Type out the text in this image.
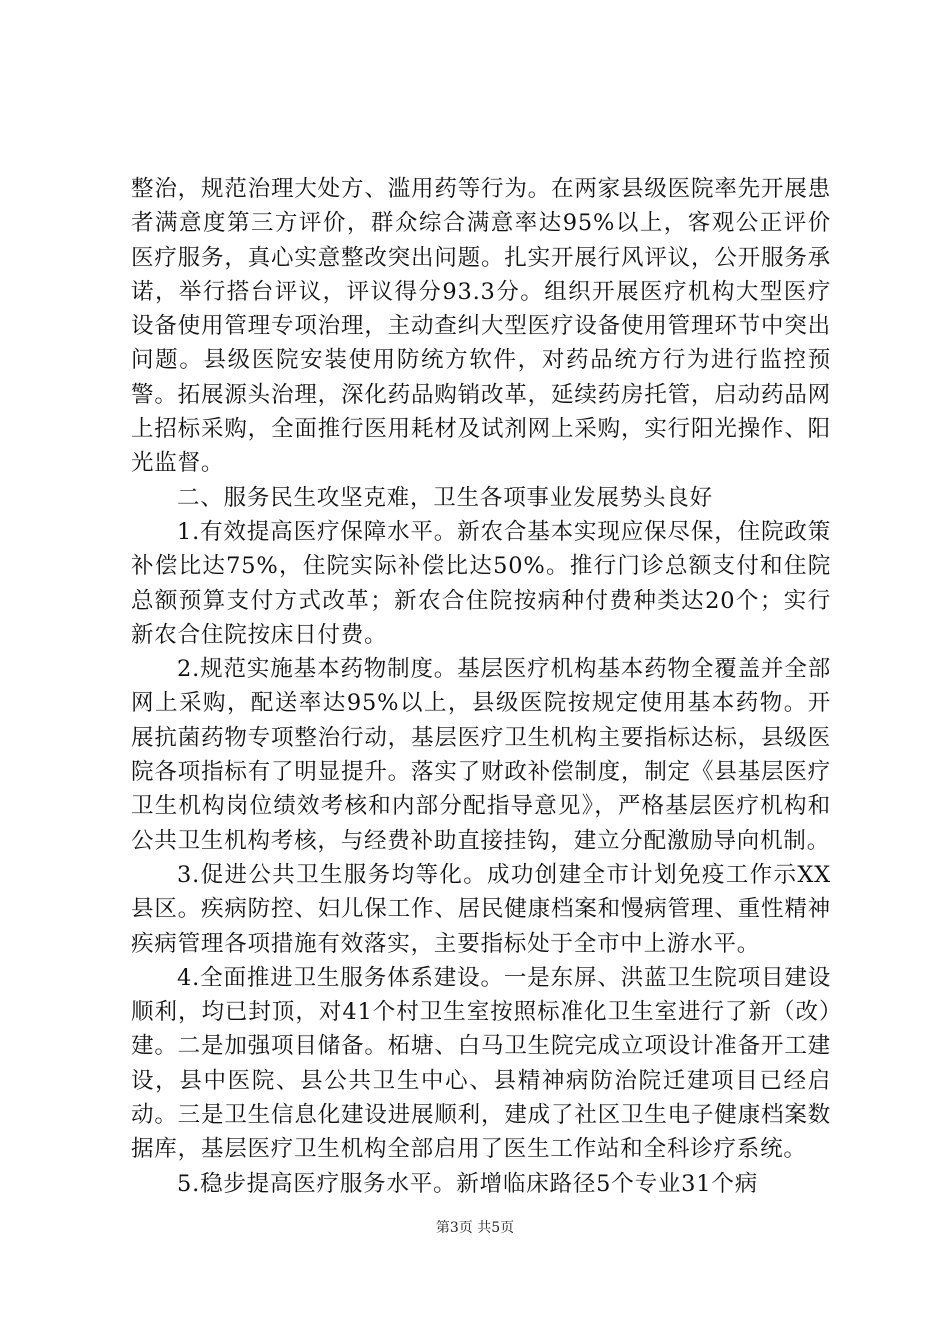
整治，规范治理大处方、滥用药等行为。在两家县级医院率先开展患者满意度第三方评价，群众综合满意率达95%以上，客观公正评价医疗服务，真心实意整改突出问题。扎实开展行风评议，公开服务承诺，举行搭台评议，评议得分93.3分。组织开展医疗机构大型医疗设备使用管理专项治理，主动查纠大型医疗设备使用管理环节中突出问题。县级医院安装使用防统方软件，对药品统方行为进行监控预警。拓展源头治理，深化药品购销改革，延续药房托管，启动药品网上招标采购，全面推行医用耗材及试剂网上采购，实行阳光操作、阳光监督。

二、服务民生攻坚克难，卫生各项事业发展势头良好

1.有效提高医疗保障水平。新农合基本实现应保尽保，住院政策补偿比达75%，住院实际补偿比达50%。推行门诊总额支付和住院总额预算支付方式改革；新农合住院按病种付费种类达20个；实行新农合住院按床日付费。

2.规范实施基本药物制度。基层医疗机构基本药物全覆盖并全部网上采购，配送率达95%以上，县级医院按规定使用基本药物。开展抗菌药物专项整治行动，基层医疗卫生机构主要指标达标，县级医院各项指标有了明显提升。落实了财政补偿制度，制定《县基层医疗卫生机构岗位绩效考核和内部分配指导意见》，严格基层医疗机构和公共卫生机构考核，与经费补助直接挂钩，建立分配激励导向机制。

3.促进公共卫生服务均等化。成功创建全市计划免疫工作示XX县区。疾病防控、妇儿保工作、居民健康档案和慢病管理、重性精神疾病管理各项措施有效落实，主要指标处于全市中上游水平。

4.全面推进卫生服务体系建设。一是东屏、洪蓝卫生院项目建设顺利，均已封顶，对41个村卫生室按照标准化卫生室进行了新（改）建。二是加强项目储备。柘塘、白马卫生院完成立项设计准备开工建设，县中医院、县公共卫生中心、县精神病防治院迁建项目已经启动。三是卫生信息化建设进展顺利，建成了社区卫生电子健康档案数据库，基层医疗卫生机构全部启用了医生工作站和全科诊疗系统。

5.稳步提高医疗服务水平。新增临床路径5个专业31个病

第3页 共5页
